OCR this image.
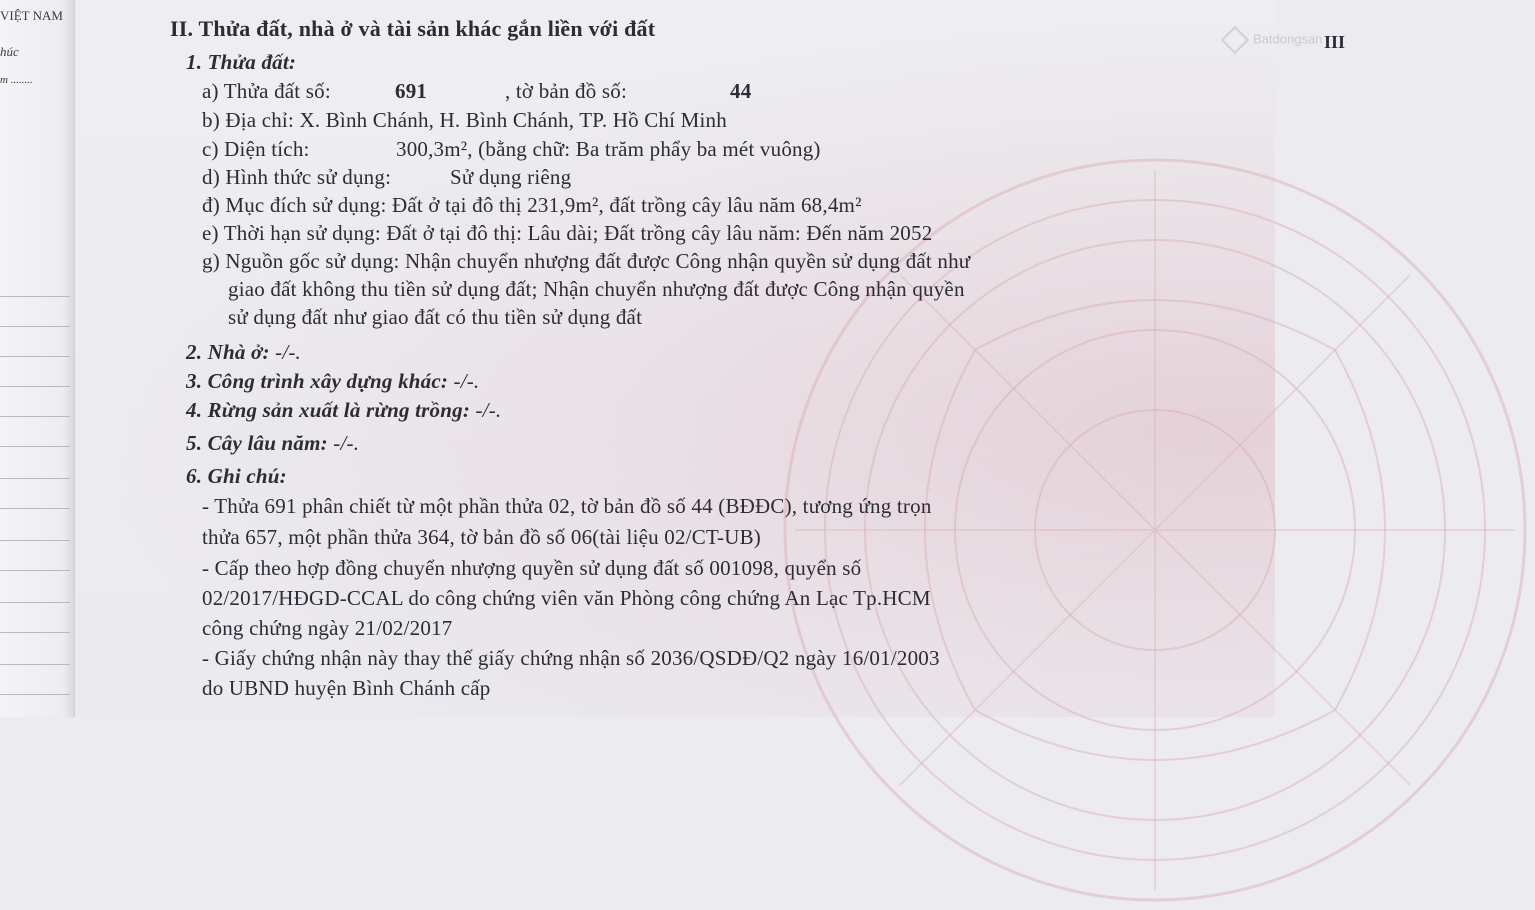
VIỆT NAM
húc
m ........
Batdongsan III
II. Thửa đất, nhà ở và tài sản khác gắn liền với đất
1. Thửa đất:
a) Thửa đất số:	691	, tờ bản đồ số:	44
b) Địa chỉ: X. Bình Chánh, H. Bình Chánh, TP. Hồ Chí Minh
c) Diện tích:	300,3m², (bằng chữ: Ba trăm phẩy ba mét vuông)
d) Hình thức sử dụng:	Sử dụng riêng
đ) Mục đích sử dụng: Đất ở tại đô thị 231,9m², đất trồng cây lâu năm 68,4m²
e) Thời hạn sử dụng: Đất ở tại đô thị: Lâu dài; Đất trồng cây lâu năm: Đến năm 2052
g) Nguồn gốc sử dụng: Nhận chuyển nhượng đất được Công nhận quyền sử dụng đất như
giao đất không thu tiền sử dụng đất; Nhận chuyển nhượng đất được Công nhận quyền
sử dụng đất như giao đất có thu tiền sử dụng đất
2. Nhà ở: -/-.
3. Công trình xây dựng khác: -/-.
4. Rừng sản xuất là rừng trồng: -/-.
5. Cây lâu năm: -/-.
6. Ghi chú:
- Thửa 691 phân chiết từ một phần thửa 02, tờ bản đồ số 44 (BĐĐC), tương ứng trọn
thửa 657, một phần thửa 364, tờ bản đồ số 06(tài liệu 02/CT-UB)
- Cấp theo hợp đồng chuyển nhượng quyền sử dụng đất số 001098, quyển số
02/2017/HĐGD-CCAL do công chứng viên văn Phòng công chứng An Lạc Tp.HCM
công chứng ngày 21/02/2017
- Giấy chứng nhận này thay thế giấy chứng nhận số 2036/QSDĐ/Q2 ngày 16/01/2003
do UBND huyện Bình Chánh cấp
